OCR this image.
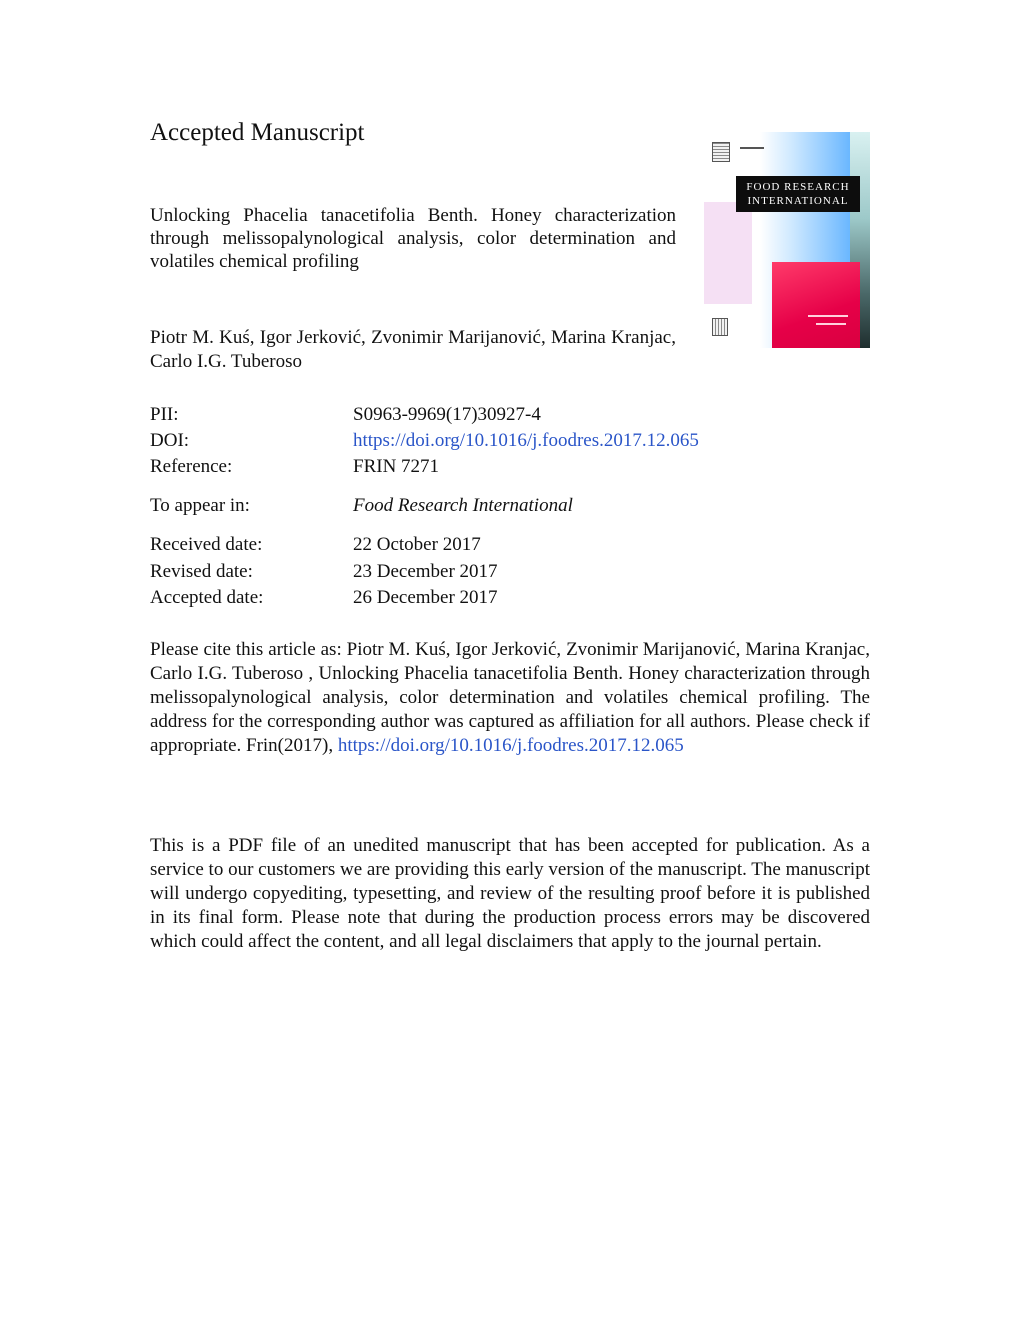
Accepted Manuscript
Unlocking Phacelia tanacetifolia Benth. Honey characterization through melissopalynological analysis, color determination and volatiles chemical profiling

Piotr M. Kuś, Igor Jerković, Zvonimir Marijanović, Marina Kranjac, Carlo I.G. Tuberoso

FOOD RESEARCH INTERNATIONAL
PII:	S0963-9969(17)30927-4
DOI:	https://doi.org/10.1016/j.foodres.2017.12.065
Reference:	FRIN 7271
To appear in:	Food Research International
Received date:	22 October 2017
Revised date:	23 December 2017
Accepted date:	26 December 2017

Please cite this article as: Piotr M. Kuś, Igor Jerković, Zvonimir Marijanović, Marina Kranjac, Carlo I.G. Tuberoso , Unlocking Phacelia tanacetifolia Benth. Honey characterization through melissopalynological analysis, color determination and volatiles chemical profiling. The address for the corresponding author was captured as affiliation for all authors. Please check if appropriate. Frin(2017), https://doi.org/10.1016/j.foodres.2017.12.065

This is a PDF file of an unedited manuscript that has been accepted for publication. As a service to our customers we are providing this early version of the manuscript. The manuscript will undergo copyediting, typesetting, and review of the resulting proof before it is published in its final form. Please note that during the production process errors may be discovered which could affect the content, and all legal disclaimers that apply to the journal pertain.
